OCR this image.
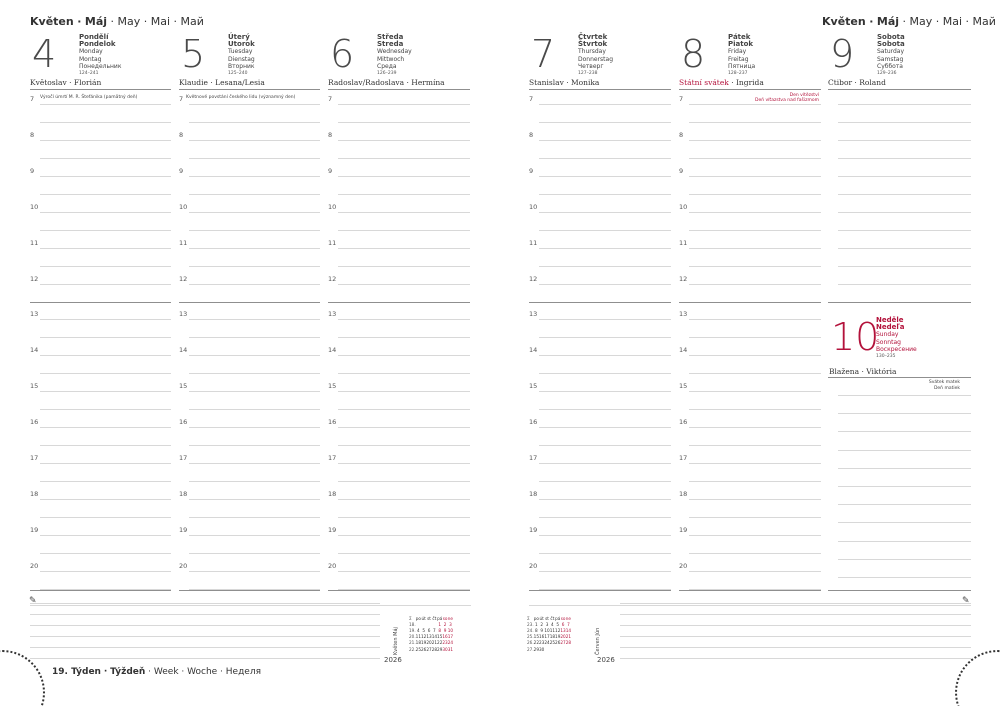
Květen · Máj · May · Mai · Май	Květen · Máj · May · Mai · Май
4	Pondělí
Pondelok
Monday
Montag
Понедельник
124–241
Květoslav · Florián
5	Úterý
Utorok
Tuesday
Dienstag
Вторник
125–240
Klaudie · Lesana/Lesia
6	Středa
Streda
Wednesday
Mittwoch
Среда
126–239
Radoslav/Radoslava · Hermína
7	Čtvrtek
Štvrtok
Thursday
Donnerstag
Четверг
127–238
Stanislav · Monika
8	Pátek
Piatok
Friday
Freitag
Пятница
128–237
Státní svátek · Ingrida
9	Sobota
Sobota
Saturday
Samstag
Суббота
129–236
Ctibor · Roland
Výročí úmrtí M. R. Štefánika (pamätný deň)	Květnové povstání českého lidu (významný den)	Den vítězství
Deň víťazstva nad fašizmom
10
Neděle
Nedeľa
Sunday
Sonntag
Воскресение
130–235
Blažena · Viktória
Svátek matek
Deň matiek
7
8
9
10
11
12
13
14
15
16
17
18
19
20
7
8
9
10
11
12
13
14
15
16
17
18
19
20
7
8
9
10
11
12
13
14
15
16
17
18
19
20
7
8
9
10
11
12
13
14
15
16
17
18
19
20
7
8
9
10
11
12
13
14
15
16
17
18
19
20
✎	✎
Květen Máj
Σ	po	út	st	čt	pá	so	ne
18.					1	2	3
19.	4	5	6	7	8	9	10
20.	11	12	13	14	15	16	17
21.	18	19	20	21	22	23	24
22.	25	26	27	28	29	30	31
2026
Σ	po	út	st	čt	pá	so	ne
23.	1	2	3	4	5	6	7
24.	8	9	10	11	12	13	14
25.	15	16	17	18	19	20	21
26.	22	23	24	25	26	27	28
27.	29	30						Červen Jún
2026
19. Týden · Týždeň · Week · Woche · Неделя
